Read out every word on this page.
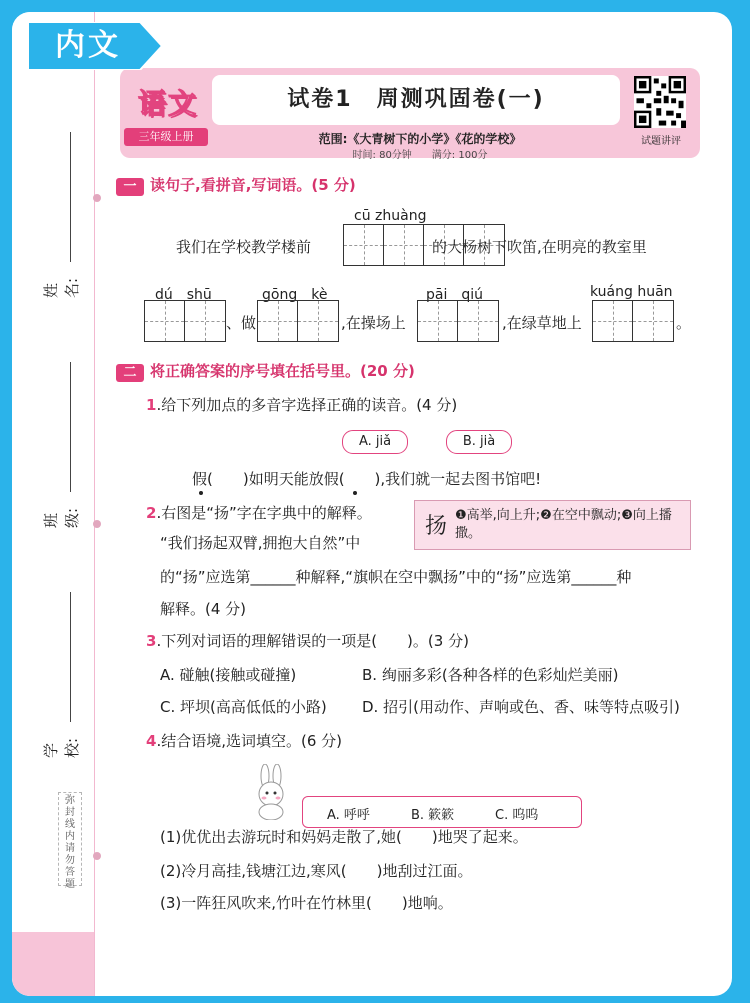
内文
姓名:
班级:
学校:
弥
封
线
内
请
勿
答
题
语文
三年级上册
试卷1　周测巩固卷(一)
范围:《大青树下的小学》《花的学校》
时间: 80分钟　　满分: 100分
试题讲评
一 读句子,看拼音,写词语。(5 分)
cū zhuàng
我们在学校教学楼前	的大杨树下吹笛,在明亮的教室里
dú　shū
、做
gōng　kè
,在操场上
pāi　qiú
,在绿草地上
kuáng huān
。
二 将正确答案的序号填在括号里。(20 分)
1.给下列加点的多音字选择正确的读音。(4 分)
A. jiǎ	B. jià
假(　　)如明天能放假(　　),我们就一起去图书馆吧!
2.右图是“扬”字在字典中的解释。
“我们扬起双臂,拥抱大自然”中
的“扬”应选第______种解释,“旗帜在空中飘扬”中的“扬”应选第______种
解释。(4 分)
扬 ❶高举,向上升;❷在空中飘动;❸向上播撒。
3.下列对词语的理解错误的一项是(　　)。(3 分)
A. 碰触(接触或碰撞)	B. 绚丽多彩(各种各样的色彩灿烂美丽)
C. 坪坝(高高低低的小路) D. 招引(用动作、声响或色、香、味等特点吸引)
4.结合语境,选词填空。(6 分)
A. 呼呼	B. 簌簌	C. 呜呜
(1)优优出去游玩时和妈妈走散了,她(　　)地哭了起来。
(2)冷月高挂,钱塘江边,寒风(　　)地刮过江面。
(3)一阵狂风吹来,竹叶在竹林里(　　)地响。
